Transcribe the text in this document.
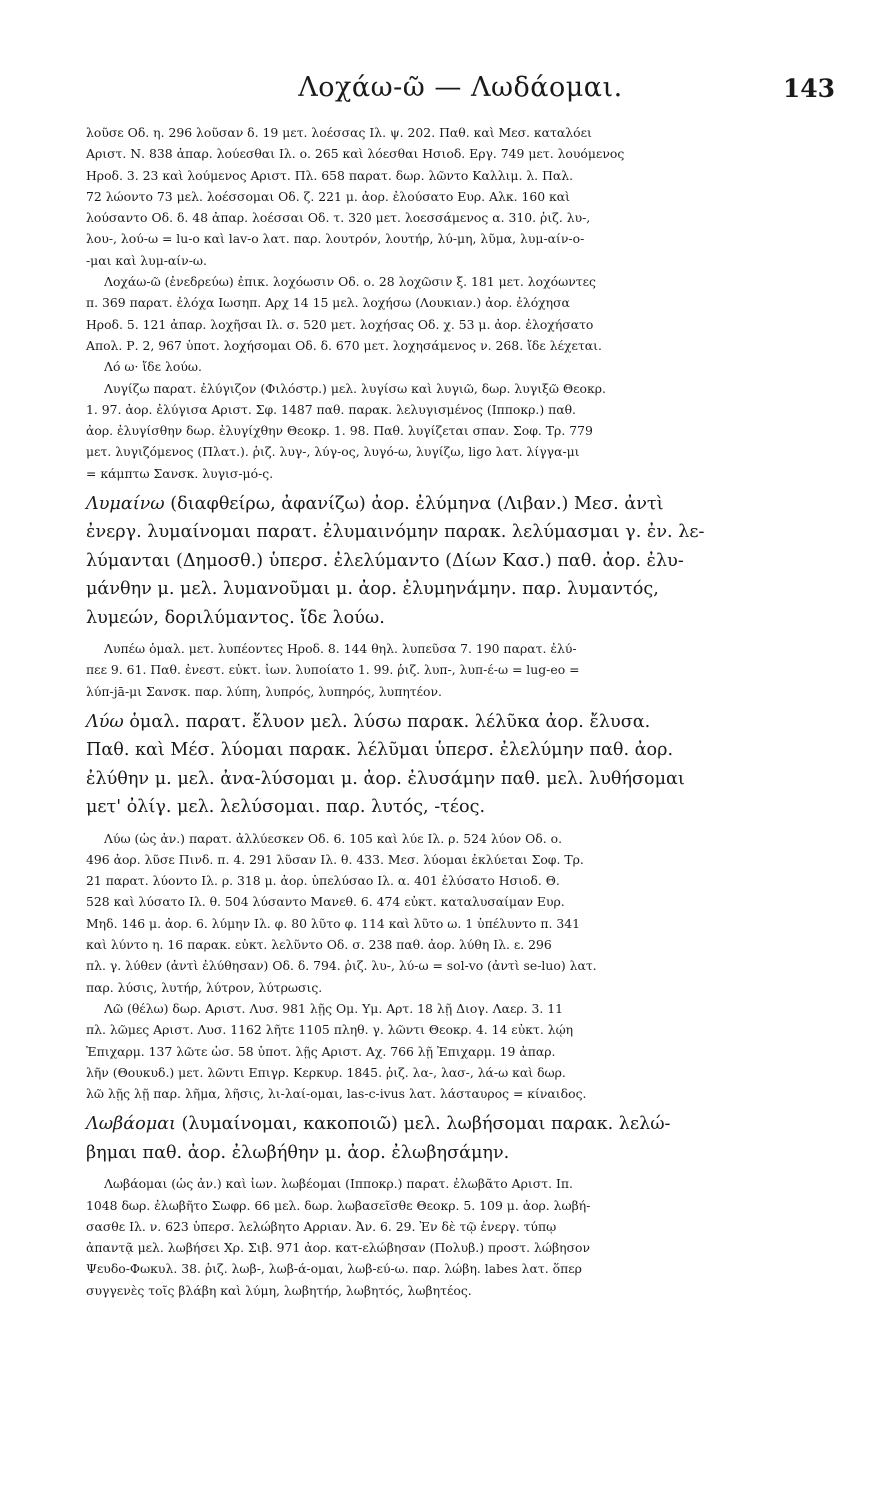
Λοχάω-ῶ — Λωδάομαι.	143

λοῦσε Οδ. η. 296 λοῦσαν δ. 19 μετ. λοέσσας Ιλ. ψ. 202. Παθ. καὶ Μεσ. καταλόει
Αριστ. Ν. 838 ἀπαρ. λούεσθαι Ιλ. ο. 265 καὶ λόεσθαι Ησιοδ. Εργ. 749 μετ. λουόμενος
Ηροδ. 3. 23 καὶ λούμενος Αριστ. Πλ. 658 παρατ. δωρ. λῶντο Καλλιμ. λ. Παλ.
72 λώοντο 73 μελ. λοέσσομαι Οδ. ζ. 221 μ. ἀορ. ἐλούσατο Ευρ. Αλκ. 160 καὶ
λούσαντο Οδ. δ. 48 ἀπαρ. λοέσσαι Οδ. τ. 320 μετ. λοεσσάμενος α. 310. ῥιζ. λυ-,
λου-, λού-ω = lu-o καὶ lav-o λατ. παρ. λουτρόν, λουτήρ, λύ-μη, λῦμα, λυμ-αίν-ο-
-μαι καὶ λυμ-αίν-ω.

Λοχάω-ῶ (ἐνεδρεύω) ἐπικ. λοχόωσιν Οδ. ο. 28 λοχῶσιν ξ. 181 μετ. λοχόωντες
π. 369 παρατ. ἐλόχα Ιωσηπ. Αρχ 14 15 μελ. λοχήσω (Λουκιαν.) ἀορ. ἐλόχησα
Ηροδ. 5. 121 ἀπαρ. λοχῆσαι Ιλ. σ. 520 μετ. λοχήσας Οδ. χ. 53 μ. ἀορ. ἐλοχήσατο
Απολ. Ρ. 2, 967 ὑποτ. λοχήσομαι Οδ. δ. 670 μετ. λοχησάμενος ν. 268. ἴδε λέχεται.

Λό ω· ἴδε λούω.

Λυγίζω παρατ. ἐλύγιζον (Φιλόστρ.) μελ. λυγίσω καὶ λυγιῶ, δωρ. λυγιξῶ Θεοκρ.
1. 97. ἀορ. ἐλύγισα Αριστ. Σφ. 1487 παθ. παρακ. λελυγισμένος (Ιπποκρ.) παθ.
ἀορ. ἐλυγίσθην δωρ. ἐλυγίχθην Θεοκρ. 1. 98. Παθ. λυγίζεται σπαν. Σοφ. Τρ. 779
μετ. λυγιζόμενος (Πλατ.). ῥιζ. λυγ-, λύγ-ος, λυγό-ω, λυγίζω, ligo λατ. λίγγα-μι
= κάμπτω Σανσκ. λυγισ-μό-ς.

Λυμαίνω (διαφθείρω, ἀφανίζω) ἀορ. ἐλύμηνα (Λιβαν.) Μεσ. ἀντὶ
ἐνεργ. λυμαίνομαι παρατ. ἐλυμαινόμην παρακ. λελύμασμαι γ. ἐν. λε-
λύμανται (Δημοσθ.) ὑπερσ. ἐλελύμαντο (Δίων Κασ.) παθ. ἀορ. ἐλυ-
μάνθην μ. μελ. λυμανοῦμαι μ. ἀορ. ἐλυμηνάμην. παρ. λυμαντός,
λυμεών, δοριλύμαντος. ἴδε λούω.

Λυπέω ὁμαλ. μετ. λυπέοντες Ηροδ. 8. 144 θηλ. λυπεῦσα 7. 190 παρατ. ἐλύ-
πεε 9. 61. Παθ. ἐνεστ. εὐκτ. ἰων. λυποίατο 1. 99. ῥιζ. λυπ-, λυπ-έ-ω = lug-eo =
λύπ-jā-μι Σανσκ. παρ. λύπη, λυπρός, λυπηρός, λυπητέον.

Λύω ὁμαλ. παρατ. ἔλυον μελ. λύσω παρακ. λέλῦκα ἀορ. ἔλυσα.
Παθ. καὶ Μέσ. λύομαι παρακ. λέλῦμαι ὑπερσ. ἐλελύμην παθ. ἀορ.
ἐλύθην μ. μελ. ἀνα-λύσομαι μ. ἀορ. ἐλυσάμην παθ. μελ. λυθήσομαι
μετ' ὀλίγ. μελ. λελύσομαι. παρ. λυτός, -τέος.

Λύω (ὡς ἀν.) παρατ. ἀλλύεσκεν Οδ. 6. 105 καὶ λύε Ιλ. ρ. 524 λύον Οδ. ο.
496 ἀορ. λῦσε Πινδ. π. 4. 291 λῦσαν Ιλ. θ. 433. Μεσ. λύομαι ἐκλύεται Σοφ. Τρ.
21 παρατ. λύοντο Ιλ. ρ. 318 μ. ἀορ. ὑπελύσαο Ιλ. α. 401 ἐλύσατο Ησιοδ. Θ.
528 καὶ λύσατο Ιλ. θ. 504 λύσαντο Μανεθ. 6. 474 εὐκτ. καταλυσαίμαν Ευρ.
Μηδ. 146 μ. ἀορ. 6. λύμην Ιλ. φ. 80 λῦτο φ. 114 καὶ λῦτο ω. 1 ὑπέλυντο π. 341
καὶ λύντο η. 16 παρακ. εὐκτ. λελῦντο Οδ. σ. 238 παθ. ἀορ. λύθη Ιλ. ε. 296
πλ. γ. λύθεν (ἀντὶ ἐλύθησαν) Οδ. δ. 794. ῥιζ. λυ-, λύ-ω = sol-vo (ἀντὶ se-luo) λατ.
παρ. λύσις, λυτήρ, λύτρον, λύτρωσις.

Λῶ (θέλω) δωρ. Αριστ. Λυσ. 981 λῇς Ομ. Υμ. Αρτ. 18 λῇ Διογ. Λαερ. 3. 11
πλ. λῶμες Αριστ. Λυσ. 1162 λῆτε 1105 πληθ. γ. λῶντι Θεοκρ. 4. 14 εὐκτ. λῴη
Ἐπιχαρμ. 137 λῶτε ὡσ. 58 ὑποτ. λῇς Αριστ. Αχ. 766 λῇ Ἐπιχαρμ. 19 ἀπαρ.
λῆν (Θουκυδ.) μετ. λῶντι Επιγρ. Κερκυρ. 1845. ῥιζ. λα-, λασ-, λά-ω καὶ δωρ.
λῶ λῇς λῇ παρ. λῆμα, λῆσις, λι-λαί-ομαι, las-c-ivus λατ. λάσταυρος = κίναιδος.

Λωβάομαι (λυμαίνομαι, κακοποιῶ) μελ. λωβήσομαι παρακ. λελώ-
βημαι παθ. ἀορ. ἐλωβήθην μ. ἀορ. ἐλωβησάμην.

Λωβάομαι (ὡς ἀν.) καὶ ἰων. λωβέομαι (Ιπποκρ.) παρατ. ἐλωβᾶτο Αριστ. Ιπ.
1048 δωρ. ἐλωβῆτο Σωφρ. 66 μελ. δωρ. λωβασεῖσθε Θεοκρ. 5. 109 μ. ἀορ. λωβή-
σασθε Ιλ. ν. 623 ὑπερσ. λελώβητο Αρριαν. Ἀν. 6. 29. Ἐν δὲ τῷ ἐνεργ. τύπῳ
ἀπαντᾷ μελ. λωβήσει Χρ. Σιβ. 971 ἀορ. κατ-ελώβησαν (Πολυβ.) προστ. λώβησον
Ψευδο-Φωκυλ. 38. ῥιζ. λωβ-, λωβ-ά-ομαι, λωβ-εύ-ω. παρ. λώβη. labes λατ. ὅπερ
συγγενὲς τοῖς βλάβη καὶ λύμη, λωβητήρ, λωβητός, λωβητέος.
